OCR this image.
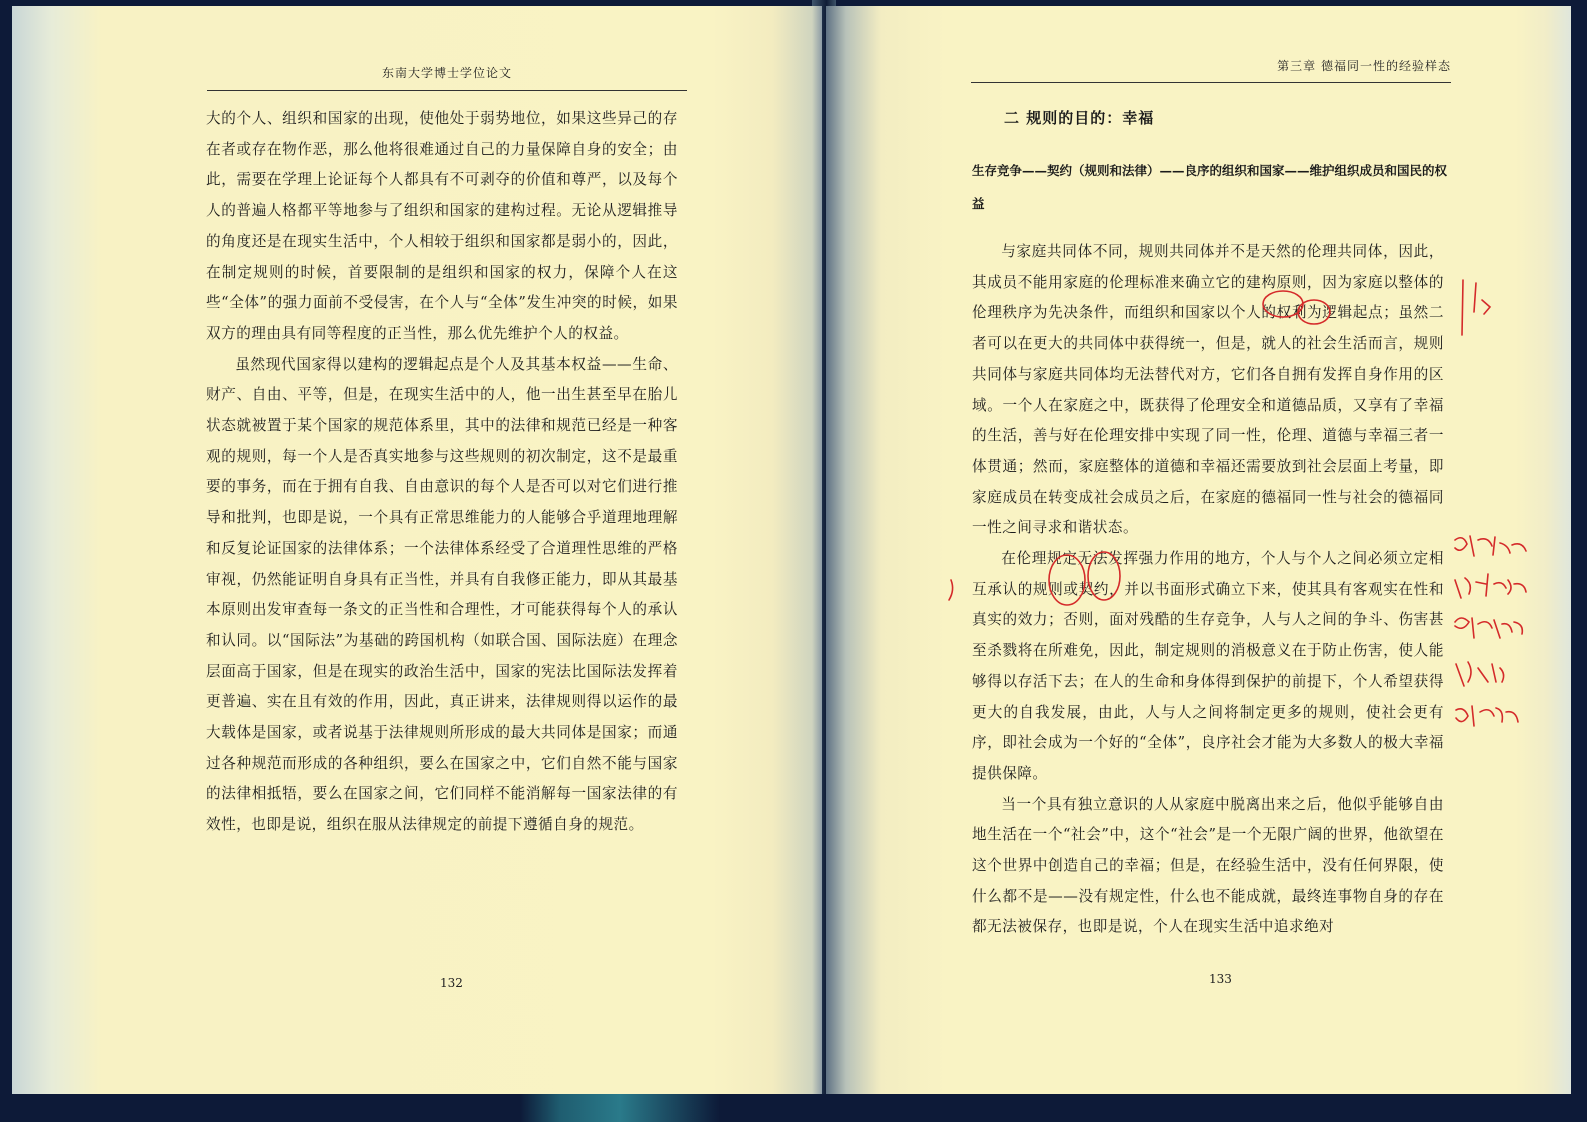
东南大学博士学位论文

大的个人、组织和国家的出现，使他处于弱势地位，如果这些异己的存在者或存在物作恶，那么他将很难通过自己的力量保障自身的安全；由此，需要在学理上论证每个人都具有不可剥夺的价值和尊严，以及每个人的普遍人格都平等地参与了组织和国家的建构过程。无论从逻辑推导的角度还是在现实生活中，个人相较于组织和国家都是弱小的，因此，在制定规则的时候，首要限制的是组织和国家的权力，保障个人在这些“全体”的强力面前不受侵害，在个人与“全体”发生冲突的时候，如果双方的理由具有同等程度的正当性，那么优先维护个人的权益。

虽然现代国家得以建构的逻辑起点是个人及其基本权益——生命、财产、自由、平等，但是，在现实生活中的人，他一出生甚至早在胎儿状态就被置于某个国家的规范体系里，其中的法律和规范已经是一种客观的规则，每一个人是否真实地参与这些规则的初次制定，这不是最重要的事务，而在于拥有自我、自由意识的每个人是否可以对它们进行推导和批判，也即是说，一个具有正常思维能力的人能够合乎道理地理解和反复论证国家的法律体系；一个法律体系经受了合道理性思维的严格审视，仍然能证明自身具有正当性，并具有自我修正能力，即从其最基本原则出发审查每一条文的正当性和合理性，才可能获得每个人的承认和认同。以“国际法”为基础的跨国机构（如联合国、国际法庭）在理念层面高于国家，但是在现实的政治生活中，国家的宪法比国际法发挥着更普遍、实在且有效的作用，因此，真正讲来，法律规则得以运作的最大载体是国家，或者说基于法律规则所形成的最大共同体是国家；而通过各种规范而形成的各种组织，要么在国家之中，它们自然不能与国家的法律相抵牾，要么在国家之间，它们同样不能消解每一国家法律的有效性，也即是说，组织在服从法律规定的前提下遵循自身的规范。

132
第三章 德福同一性的经验样态
二 规则的目的：幸福
生存竞争——契约（规则和法律）——良序的组织和国家——维护组织成员和国民的权益

与家庭共同体不同，规则共同体并不是天然的伦理共同体，因此，其成员不能用家庭的伦理标准来确立它的建构原则，因为家庭以整体的伦理秩序为先决条件，而组织和国家以个人的权利为逻辑起点；虽然二者可以在更大的共同体中获得统一，但是，就人的社会生活而言，规则共同体与家庭共同体均无法替代对方，它们各自拥有发挥自身作用的区域。一个人在家庭之中，既获得了伦理安全和道德品质，又享有了幸福的生活，善与好在伦理安排中实现了同一性，伦理、道德与幸福三者一体贯通；然而，家庭整体的道德和幸福还需要放到社会层面上考量，即家庭成员在转变成社会成员之后，在家庭的德福同一性与社会的德福同一性之间寻求和谐状态。

在伦理规定无法发挥强力作用的地方，个人与个人之间必须立定相互承认的规则或契约，并以书面形式确立下来，使其具有客观实在性和真实的效力；否则，面对残酷的生存竞争，人与人之间的争斗、伤害甚至杀戮将在所难免，因此，制定规则的消极意义在于防止伤害，使人能够得以存活下去；在人的生命和身体得到保护的前提下，个人希望获得更大的自我发展，由此，人与人之间将制定更多的规则，使社会更有序，即社会成为一个好的“全体”，良序社会才能为大多数人的极大幸福提供保障。

当一个具有独立意识的人从家庭中脱离出来之后，他似乎能够自由地生活在一个“社会”中，这个“社会”是一个无限广阔的世界，他欲望在这个世界中创造自己的幸福；但是，在经验生活中，没有任何界限，使什么都不是——没有规定性，什么也不能成就，最终连事物自身的存在都无法被保存，也即是说，个人在现实生活中追求绝对

133
